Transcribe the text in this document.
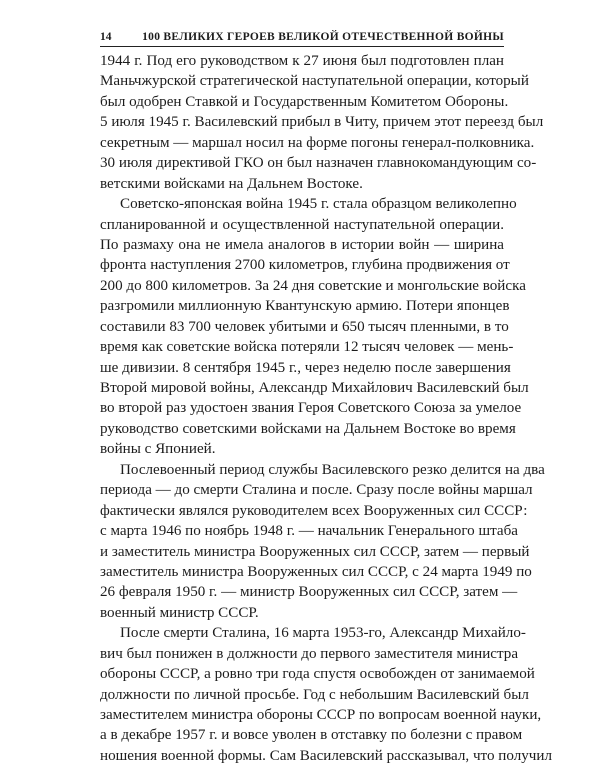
14	100 ВЕЛИКИХ ГЕРОЕВ ВЕЛИКОЙ ОТЕЧЕСТВЕННОЙ ВОЙНЫ
1944 г. Под его руководством к 27 июня был подготовлен план
Маньчжурской стратегической наступательной операции, который
был одобрен Ставкой и Государственным Комитетом Обороны.
5 июля 1945 г. Василевский прибыл в Читу, причем этот переезд был
секретным — маршал носил на форме погоны генерал-полковника.
30 июля директивой ГКО он был назначен главнокомандующим со-
ветскими войсками на Дальнем Востоке.
Советско-японская война 1945 г. стала образцом великолепно
спланированной и осуществленной наступательной операции.
По размаху она не имела аналогов в истории войн — ширина
фронта наступления 2700 километров, глубина продвижения от
200 до 800 километров. За 24 дня советские и монгольские войска
разгромили миллионную Квантунскую армию. Потери японцев
составили 83 700 человек убитыми и 650 тысяч пленными, в то
время как советские войска потеряли 12 тысяч человек — мень-
ше дивизии. 8 сентября 1945 г., через неделю после завершения
Второй мировой войны, Александр Михайлович Василевский был
во второй раз удостоен звания Героя Советского Союза за умелое
руководство советскими войсками на Дальнем Востоке во время
войны с Японией.
Послевоенный период службы Василевского резко делится на два
периода — до смерти Сталина и после. Сразу после войны маршал
фактически являлся руководителем всех Вооруженных сил СССР:
с марта 1946 по ноябрь 1948 г. — начальник Генерального штаба
и заместитель министра Вооруженных сил СССР, затем — первый
заместитель министра Вооруженных сил СССР, с 24 марта 1949 по
26 февраля 1950 г. — министр Вооруженных сил СССР, затем —
военный министр СССР.
После смерти Сталина, 16 марта 1953-го, Александр Михайло-
вич был понижен в должности до первого заместителя министра
обороны СССР, а ровно три года спустя освобожден от занимаемой
должности по личной просьбе. Год с небольшим Василевский был
заместителем министра обороны СССР по вопросам военной науки,
а в декабре 1957 г. и вовсе уволен в отставку по болезни с правом
ношения военной формы. Сам Василевский рассказывал, что получил
